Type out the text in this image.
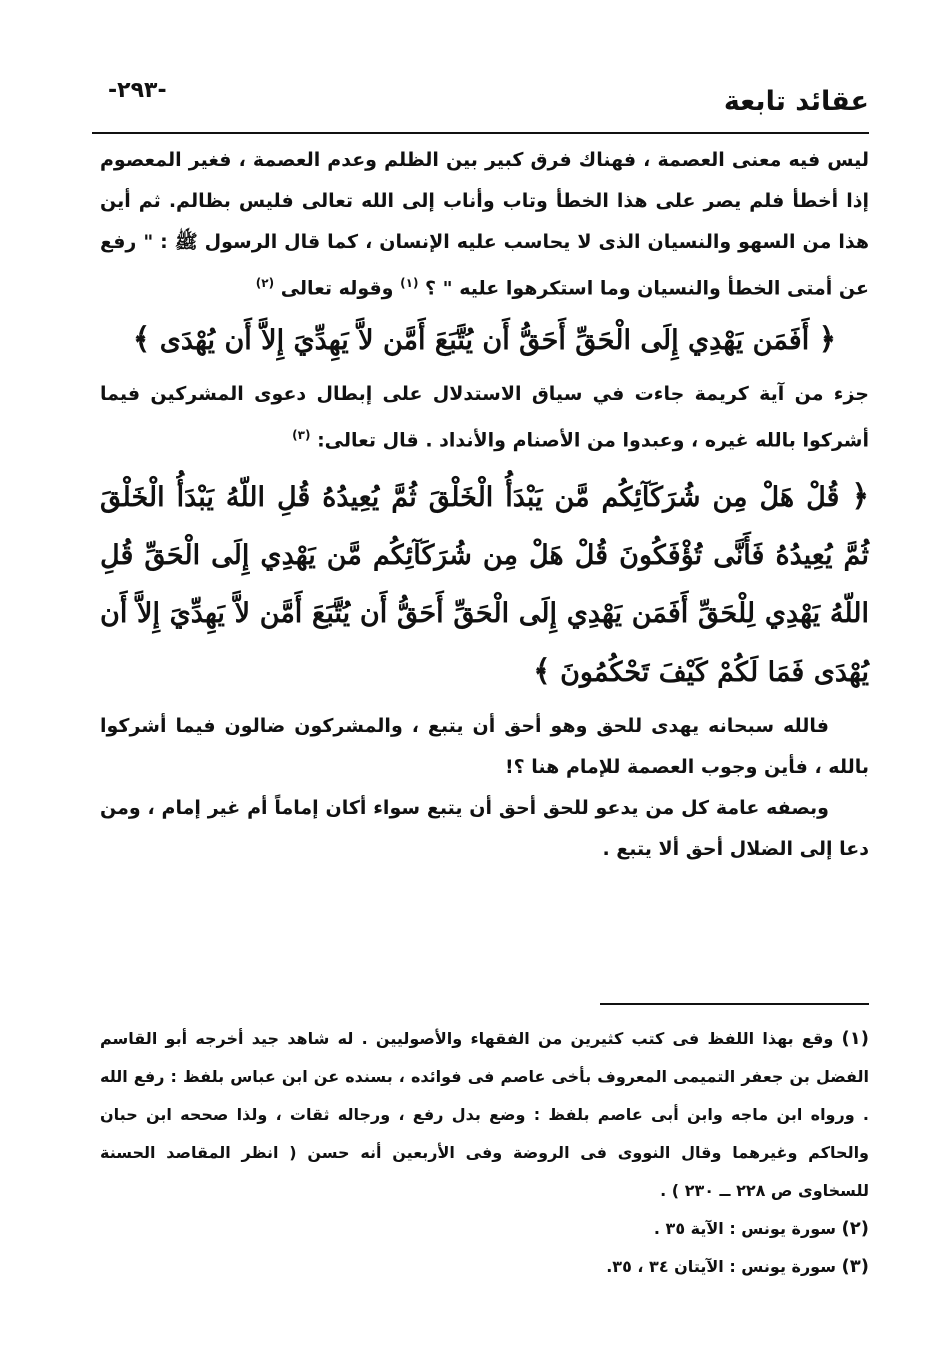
عقائد تابعة
-٢٩٣-

ليس فيه معنى العصمة ، فهناك فرق كبير بين الظلم وعدم العصمة ، فغير المعصوم إذا أخطأ فلم يصر على هذا الخطأ وتاب وأناب إلى الله تعالى فليس بظالم. ثم أين هذا من السهو والنسيان الذى لا يحاسب عليه الإنسان ، كما قال الرسول ﷺ : " رفع عن أمتى الخطأ والنسيان وما استكرهوا عليه " ؟ $^{(١)}$ وقوله تعالى $^{(٢)}$

﴿ أَفَمَن يَهْدِي إِلَى الْحَقِّ أَحَقُّ أَن يُتَّبَعَ أَمَّن لاَّ يَهِدِّيَ إِلاَّ أَن يُهْدَى ﴾

جزء من آية كريمة جاءت في سياق الاستدلال على إبطال دعوى المشركين فيما أشركوا بالله غيره ، وعبدوا من الأصنام والأنداد . قال تعالى: $^{(٣)}$

﴿ قُلْ هَلْ مِن شُرَكَآئِكُم مَّن يَبْدَأُ الْخَلْقَ ثُمَّ يُعِيدُهُ قُلِ اللّهُ يَبْدَأُ الْخَلْقَ ثُمَّ يُعِيدُهُ فَأَنَّى تُؤْفَكُونَ قُلْ هَلْ مِن شُرَكَآئِكُم مَّن يَهْدِي إِلَى الْحَقِّ قُلِ اللّهُ يَهْدِي لِلْحَقِّ أَفَمَن يَهْدِي إِلَى الْحَقِّ أَحَقُّ أَن يُتَّبَعَ أَمَّن لاَّ يَهِدِّيَ إِلاَّ أَن يُهْدَى فَمَا لَكُمْ كَيْفَ تَحْكُمُونَ ﴾

فالله سبحانه يهدى للحق وهو أحق أن يتبع ، والمشركون ضالون فيما أشركوا بالله ، فأين وجوب العصمة للإمام هنا ؟!

وبصفه عامة كل من يدعو للحق أحق أن يتبع سواء أكان إماماً أم غير إمام ، ومن دعا إلى الضلال أحق ألا يتبع .

(١) وقع بهذا اللفظ فى كتب كثيرين من الفقهاء والأصوليين . له شاهد جيد أخرجه أبو القاسم الفضل بن جعفر التميمى المعروف بأخى عاصم فى فوائده ، بسنده عن ابن عباس بلفظ : رفع الله . ورواه ابن ماجه وابن أبى عاصم بلفظ : وضع بدل رفع ، ورجاله ثقات ، ولذا صححه ابن حبان والحاكم وغيرهما وقال النووى فى الروضة وفى الأربعين أنه حسن ( انظر المقاصد الحسنة للسخاوى ص ٢٢٨ ــ ٢٣٠ ) .

(٢) سورة يونس : الآية ٣٥ .

(٣) سورة يونس : الآيتان ٣٤ ، ٣٥.
